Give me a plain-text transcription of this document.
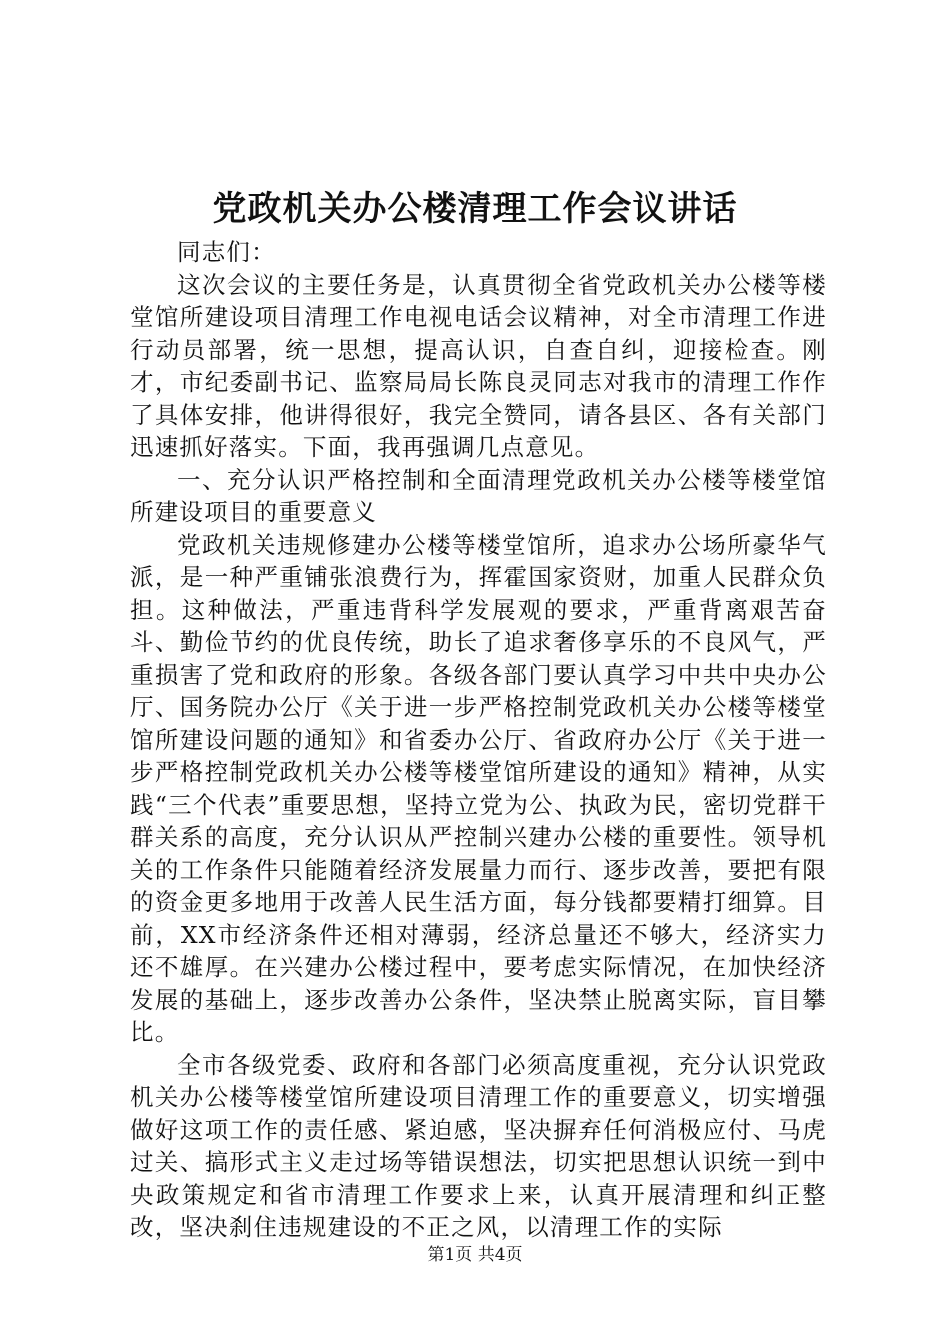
党政机关办公楼清理工作会议讲话

同志们：

这次会议的主要任务是，认真贯彻全省党政机关办公楼等楼堂馆所建设项目清理工作电视电话会议精神，对全市清理工作进行动员部署，统一思想，提高认识，自查自纠，迎接检查。刚才，市纪委副书记、监察局局长陈良灵同志对我市的清理工作作了具体安排，他讲得很好，我完全赞同，请各县区、各有关部门迅速抓好落实。下面，我再强调几点意见。

一、充分认识严格控制和全面清理党政机关办公楼等楼堂馆所建设项目的重要意义

党政机关违规修建办公楼等楼堂馆所，追求办公场所豪华气派，是一种严重铺张浪费行为，挥霍国家资财，加重人民群众负担。这种做法，严重违背科学发展观的要求，严重背离艰苦奋斗、勤俭节约的优良传统，助长了追求奢侈享乐的不良风气，严重损害了党和政府的形象。各级各部门要认真学习中共中央办公厅、国务院办公厅《关于进一步严格控制党政机关办公楼等楼堂馆所建设问题的通知》和省委办公厅、省政府办公厅《关于进一步严格控制党政机关办公楼等楼堂馆所建设的通知》精神，从实践“三个代表”重要思想，坚持立党为公、执政为民，密切党群干群关系的高度，充分认识从严控制兴建办公楼的重要性。领导机关的工作条件只能随着经济发展量力而行、逐步改善，要把有限的资金更多地用于改善人民生活方面，每分钱都要精打细算。目前，XX市经济条件还相对薄弱，经济总量还不够大，经济实力还不雄厚。在兴建办公楼过程中，要考虑实际情况，在加快经济发展的基础上，逐步改善办公条件，坚决禁止脱离实际，盲目攀比。

全市各级党委、政府和各部门必须高度重视，充分认识党政机关办公楼等楼堂馆所建设项目清理工作的重要意义，切实增强做好这项工作的责任感、紧迫感，坚决摒弃任何消极应付、马虎过关、搞形式主义走过场等错误想法，切实把思想认识统一到中央政策规定和省市清理工作要求上来，认真开展清理和纠正整改，坚决刹住违规建设的不正之风，以清理工作的实际

第1页 共4页
